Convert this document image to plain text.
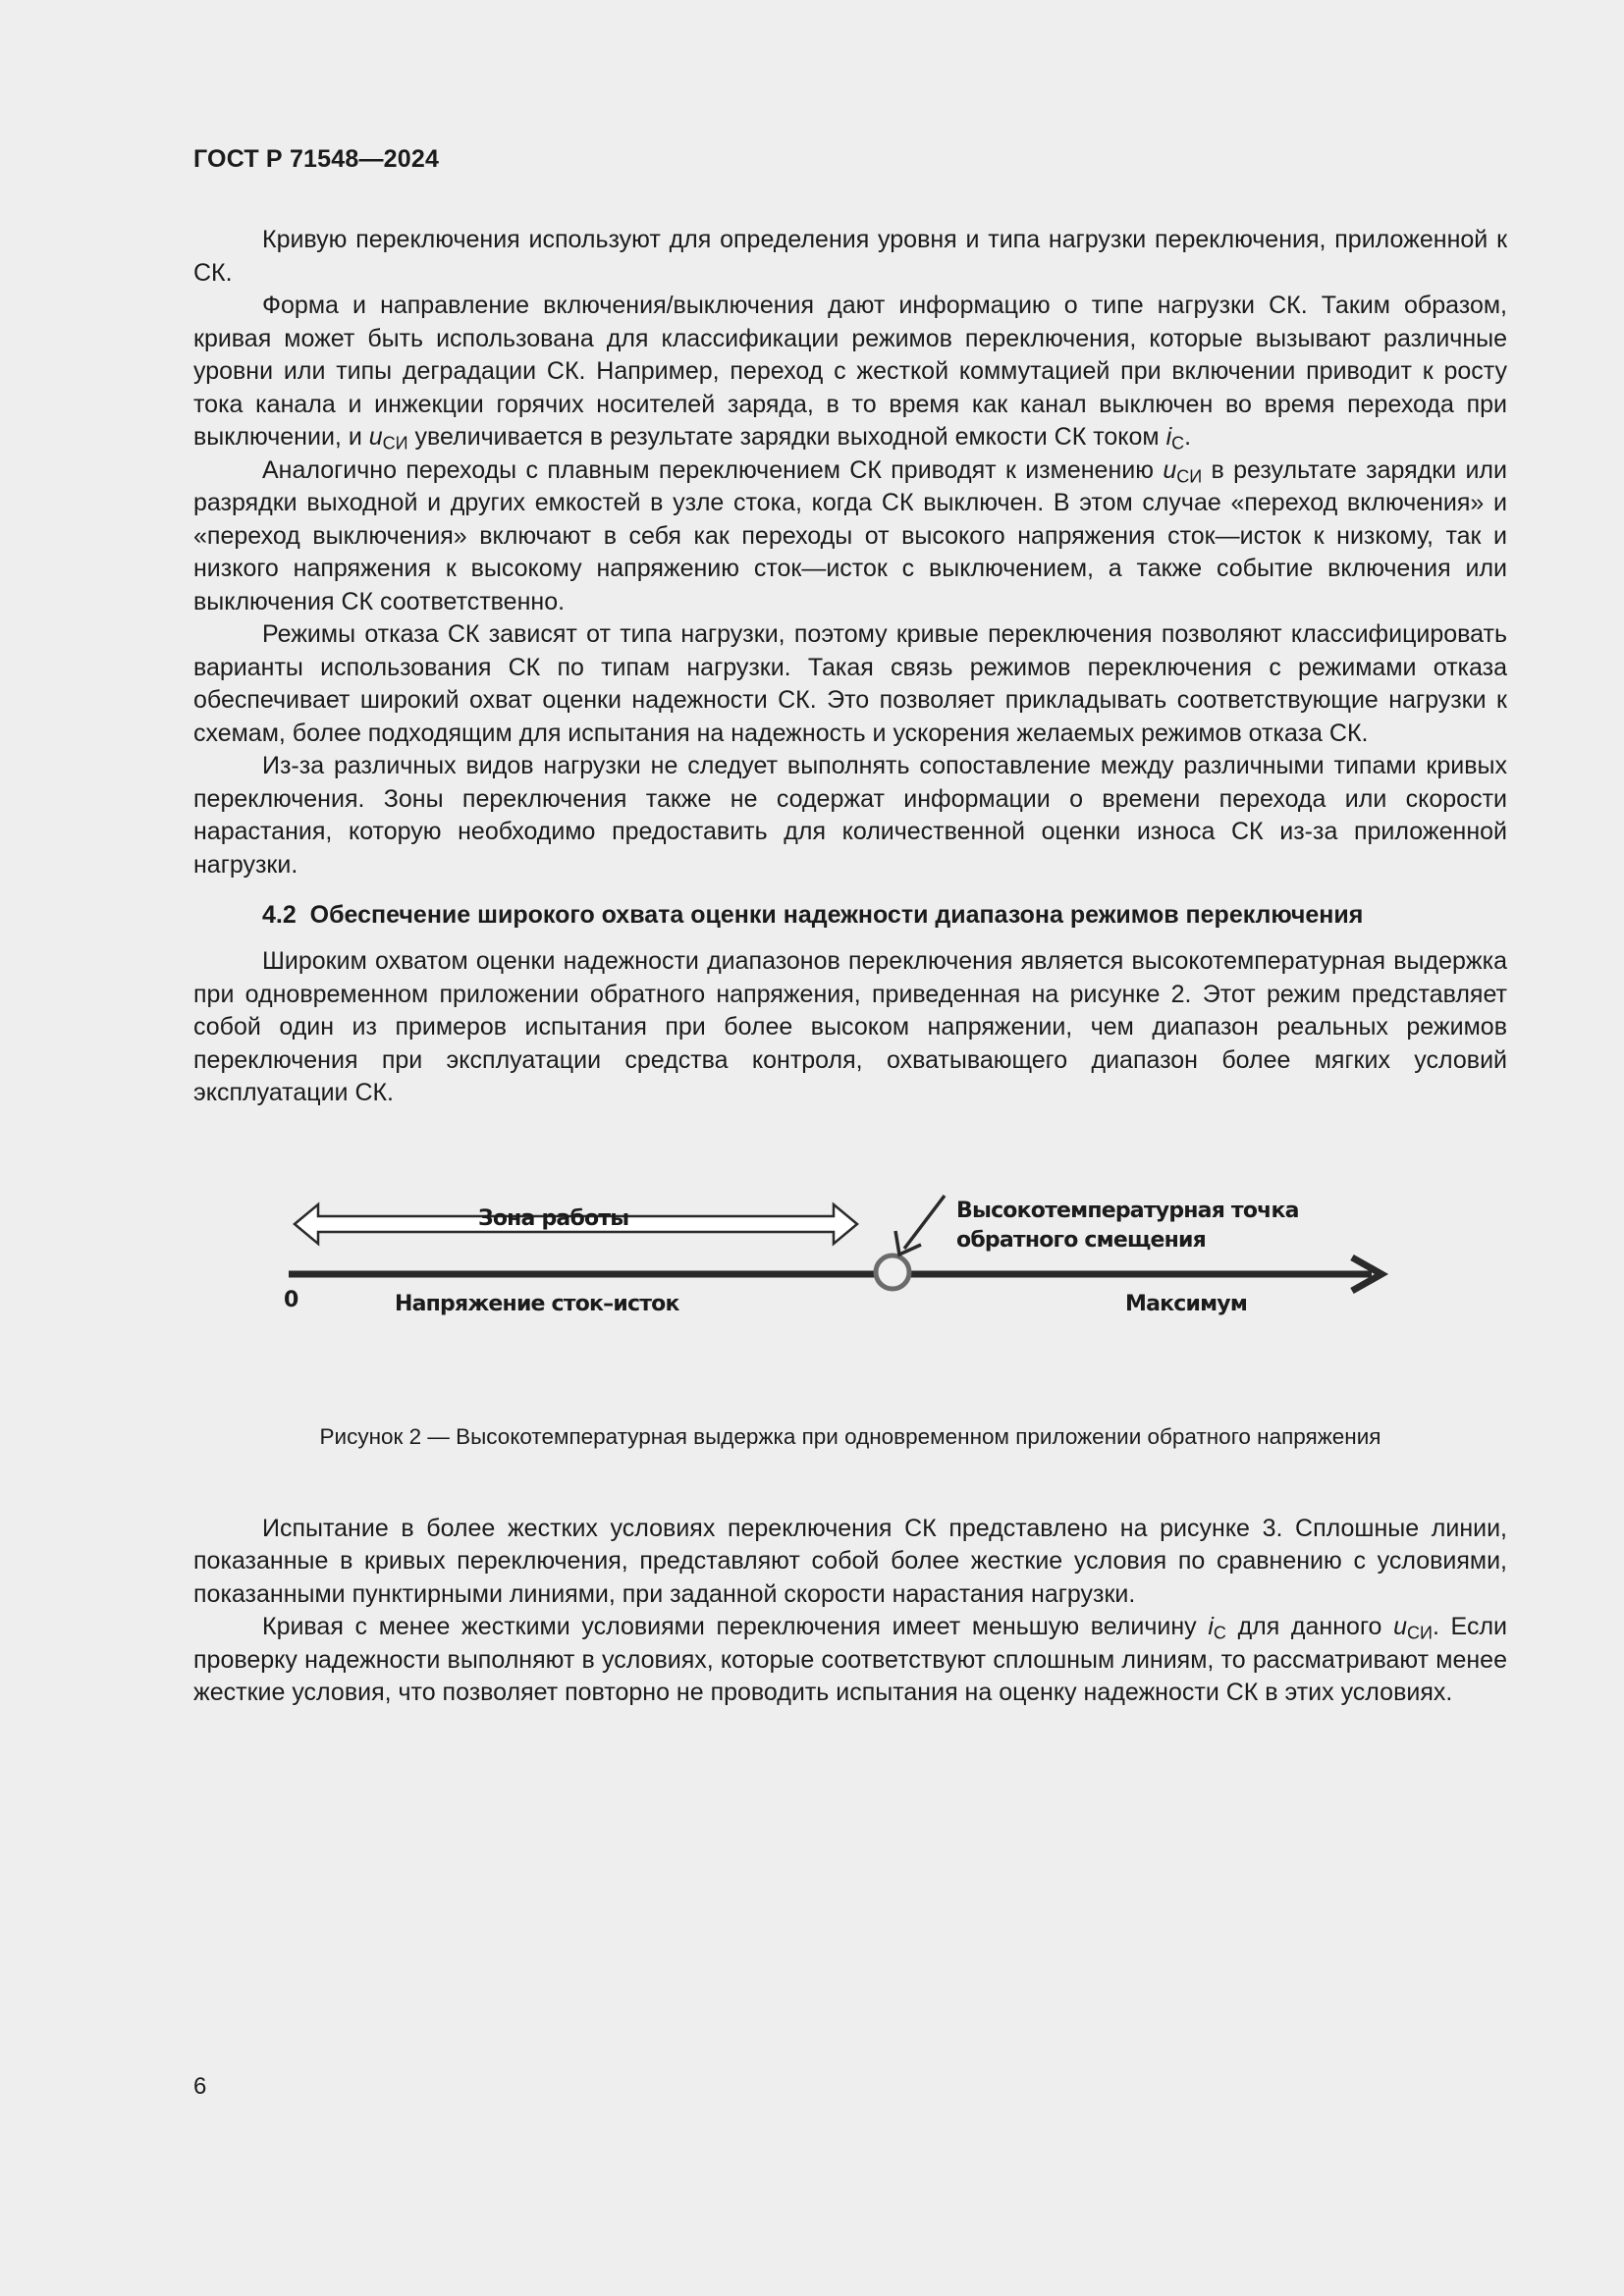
ГОСТ Р 71548—2024

Кривую переключения используют для определения уровня и типа нагрузки переключения, приложенной к СК.

Форма и направление включения/выключения дают информацию о типе нагрузки СК. Таким образом, кривая может быть использована для классификации режимов переключения, которые вызывают различные уровни или типы деградации СК. Например, переход с жесткой коммутацией при включении приводит к росту тока канала и инжекции горячих носителей заряда, в то время как канал выключен во время перехода при выключении, и $u_{СИ}$ увеличивается в результате зарядки выходной емкости СК током $i_С$.

Аналогично переходы с плавным переключением СК приводят к изменению $u_{СИ}$ в результате зарядки или разрядки выходной и других емкостей в узле стока, когда СК выключен. В этом случае «переход включения» и «переход выключения» включают в себя как переходы от высокого напряжения сток—исток к низкому, так и низкого напряжения к высокому напряжению сток—исток с выключением, а также событие включения или выключения СК соответственно.

Режимы отказа СК зависят от типа нагрузки, поэтому кривые переключения позволяют классифицировать варианты использования СК по типам нагрузки. Такая связь режимов переключения с режимами отказа обеспечивает широкий охват оценки надежности СК. Это позволяет прикладывать соответствующие нагрузки к схемам, более подходящим для испытания на надежность и ускорения желаемых режимов отказа СК.

Из-за различных видов нагрузки не следует выполнять сопоставление между различными типами кривых переключения. Зоны переключения также не содержат информации о времени перехода или скорости нарастания, которую необходимо предоставить для количественной оценки износа СК из-за приложенной нагрузки.

4.2 Обеспечение широкого охвата оценки надежности диапазона режимов переключения

Широким охватом оценки надежности диапазонов переключения является высокотемпературная выдержка при одновременном приложении обратного напряжения, приведенная на рисунке 2. Этот режим представляет собой один из примеров испытания при более высоком напряжении, чем диапазон реальных режимов переключения при эксплуатации средства контроля, охватывающего диапазон более мягких условий эксплуатации СК.

Зона работы	Высокотемпературная точка
обратного смещения
0	Напряжение сток–исток	Максимум
Рисунок 2 — Высокотемпературная выдержка при одновременном приложении обратного напряжения

Испытание в более жестких условиях переключения СК представлено на рисунке 3. Сплошные линии, показанные в кривых переключения, представляют собой более жесткие условия по сравнению с условиями, показанными пунктирными линиями, при заданной скорости нарастания нагрузки.

Кривая с менее жесткими условиями переключения имеет меньшую величину $i_С$ для данного $u_{СИ}$. Если проверку надежности выполняют в условиях, которые соответствуют сплошным линиям, то рассматривают менее жесткие условия, что позволяет повторно не проводить испытания на оценку надежности СК в этих условиях.

6
